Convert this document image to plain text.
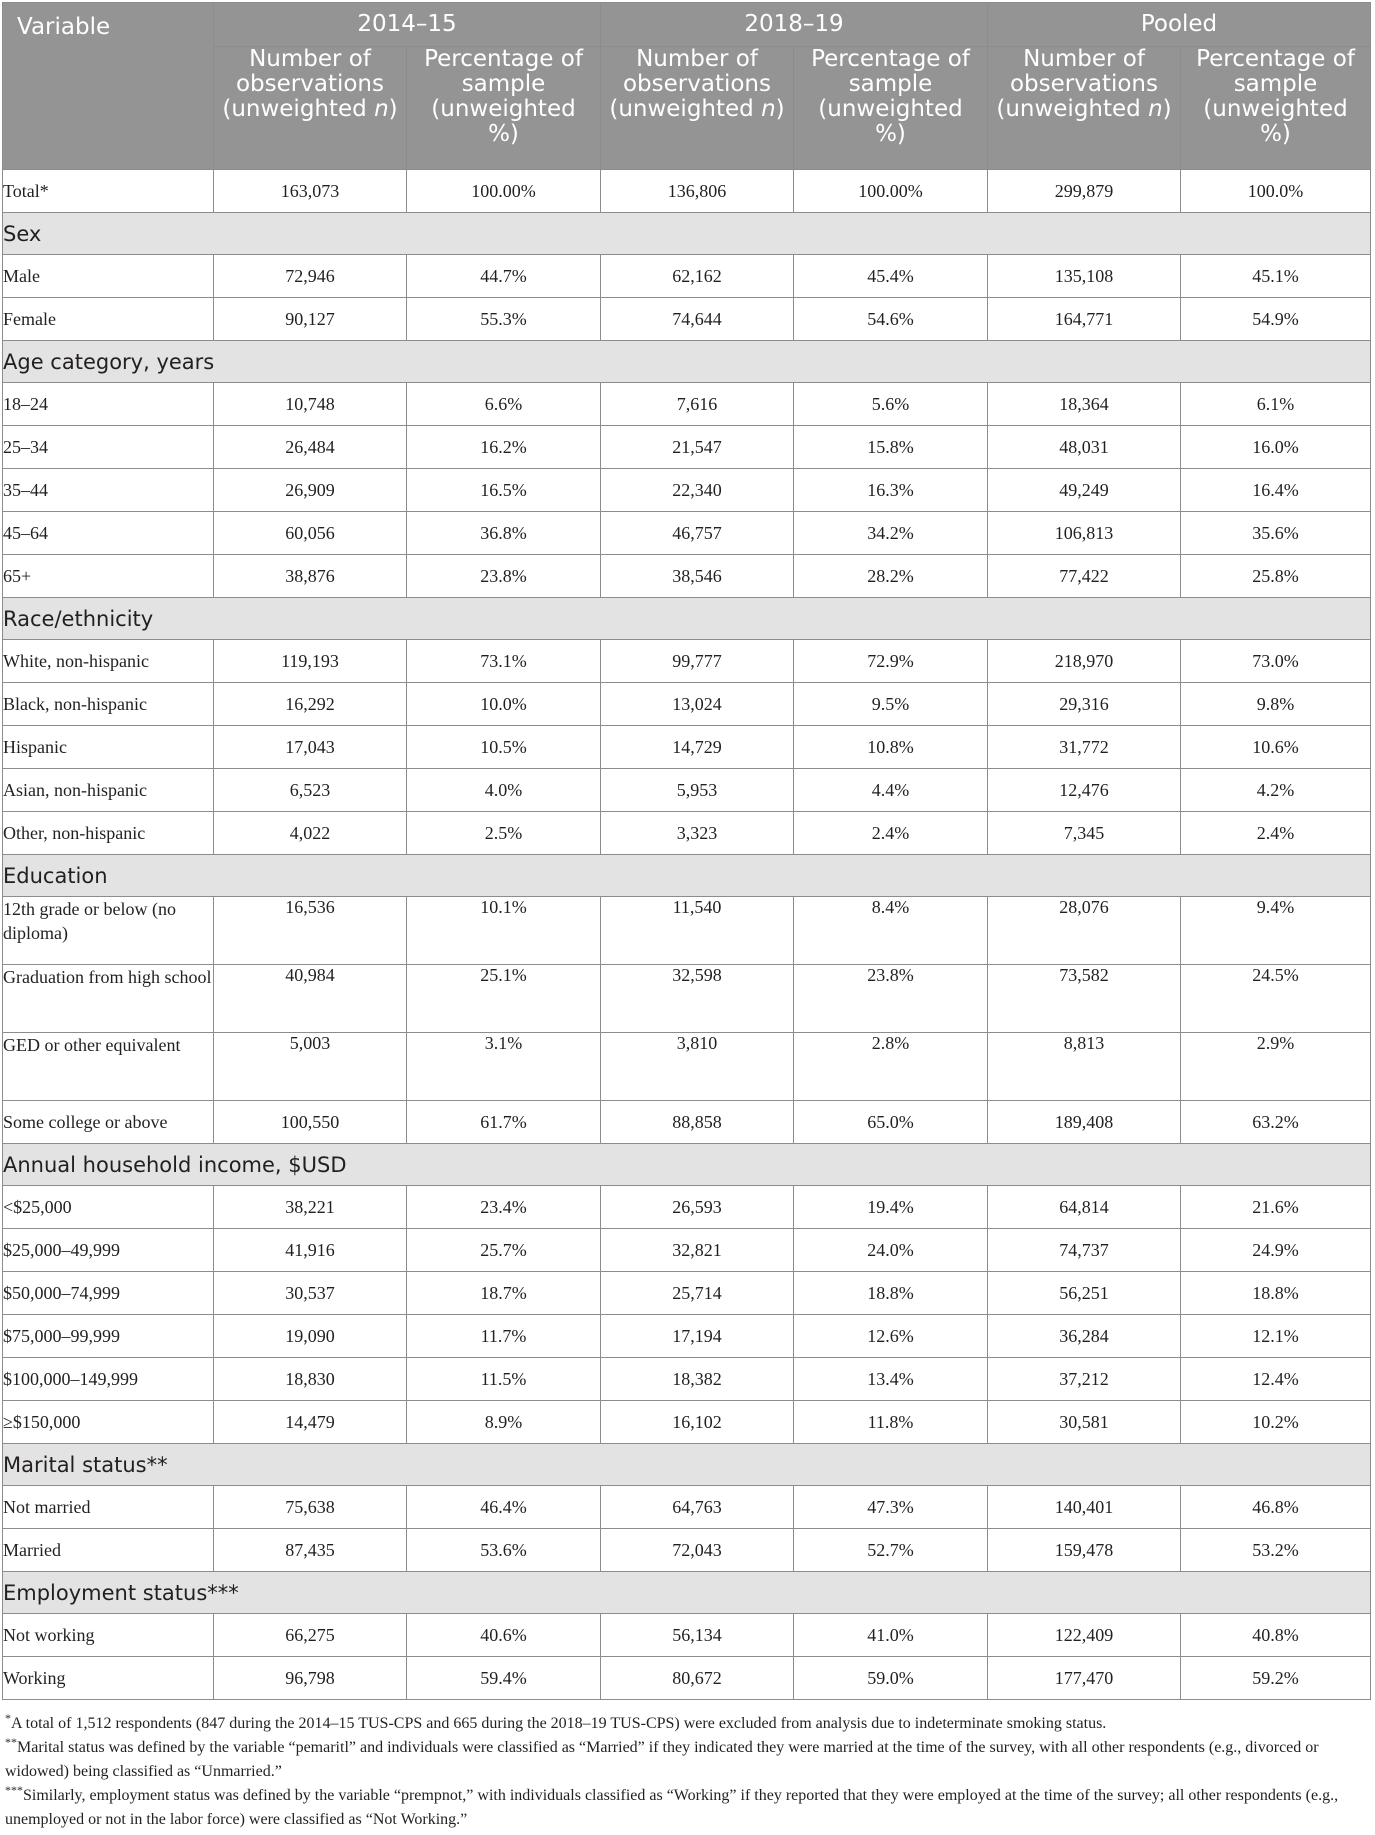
Variable	2014–15		2018–19		Pooled	
	Number of observations (unweighted n)	Percentage of sample (unweighted %)	Number of observations (unweighted n)	Percentage of sample (unweighted %)	Number of observations (unweighted n)	Percentage of sample (unweighted %)
Total*	163,073	100.00%	136,806	100.00%	299,879	100.0%
Sex						
Male	72,946	44.7%	62,162	45.4%	135,108	45.1%
Female	90,127	55.3%	74,644	54.6%	164,771	54.9%
Age category, years						
18–24	10,748	6.6%	7,616	5.6%	18,364	6.1%
25–34	26,484	16.2%	21,547	15.8%	48,031	16.0%
35–44	26,909	16.5%	22,340	16.3%	49,249	16.4%
45–64	60,056	36.8%	46,757	34.2%	106,813	35.6%
65+	38,876	23.8%	38,546	28.2%	77,422	25.8%
Race/ethnicity						
White, non-hispanic	119,193	73.1%	99,777	72.9%	218,970	73.0%
Black, non-hispanic	16,292	10.0%	13,024	9.5%	29,316	9.8%
Hispanic	17,043	10.5%	14,729	10.8%	31,772	10.6%
Asian, non-hispanic	6,523	4.0%	5,953	4.4%	12,476	4.2%
Other, non-hispanic	4,022	2.5%	3,323	2.4%	7,345	2.4%
Education						
12th grade or below (no diploma)	16,536	10.1%	11,540	8.4%	28,076	9.4%
Graduation from high school	40,984	25.1%	32,598	23.8%	73,582	24.5%
GED or other equivalent	5,003	3.1%	3,810	2.8%	8,813	2.9%
Some college or above	100,550	61.7%	88,858	65.0%	189,408	63.2%
Annual household income, $USD						
<$25,000	38,221	23.4%	26,593	19.4%	64,814	21.6%
$25,000–49,999	41,916	25.7%	32,821	24.0%	74,737	24.9%
$50,000–74,999	30,537	18.7%	25,714	18.8%	56,251	18.8%
$75,000–99,999	19,090	11.7%	17,194	12.6%	36,284	12.1%
$100,000–149,999	18,830	11.5%	18,382	13.4%	37,212	12.4%
≥$150,000	14,479	8.9%	16,102	11.8%	30,581	10.2%
Marital status**						
Not married	75,638	46.4%	64,763	47.3%	140,401	46.8%
Married	87,435	53.6%	72,043	52.7%	159,478	53.2%
Employment status***						
Not working	66,275	40.6%	56,134	41.0%	122,409	40.8%
Working	96,798	59.4%	80,672	59.0%	177,470	59.2%

*A total of 1,512 respondents (847 during the 2014–15 TUS-CPS and 665 during the 2018–19 TUS-CPS) were excluded from analysis due to indeterminate smoking status.

**Marital status was defined by the variable “pemaritl” and individuals were classified as “Married” if they indicated they were married at the time of the survey, with all other respondents (e.g., divorced or widowed) being classified as “Unmarried.”

***Similarly, employment status was defined by the variable “prempnot,” with individuals classified as “Working” if they reported that they were employed at the time of the survey; all other respondents (e.g., unemployed or not in the labor force) were classified as “Not Working.”
